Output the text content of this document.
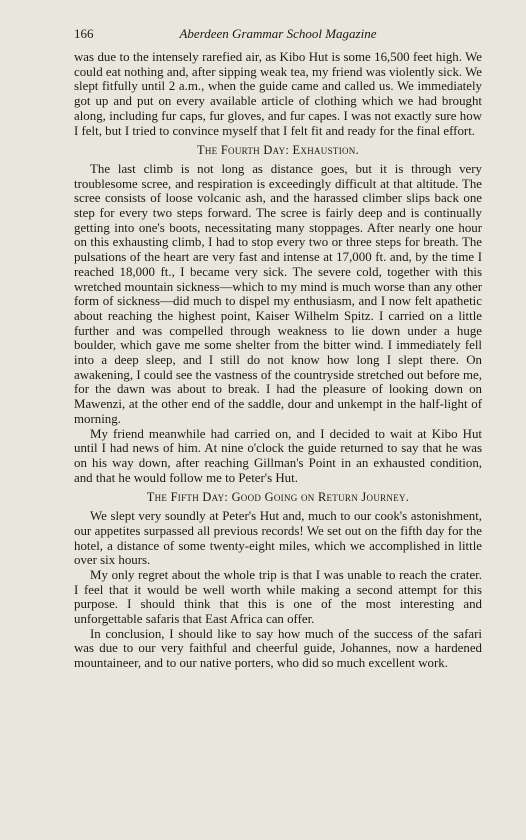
166	Aberdeen Grammar School Magazine

was due to the intensely rarefied air, as Kibo Hut is some 16,500 feet high. We could eat nothing and, after sipping weak tea, my friend was violently sick. We slept fitfully until 2 a.m., when the guide came and called us. We immediately got up and put on every available article of clothing which we had brought along, including fur caps, fur gloves, and fur capes. I was not exactly sure how I felt, but I tried to convince myself that I felt fit and ready for the final effort.

The Fourth Day: Exhaustion.

The last climb is not long as distance goes, but it is through very troublesome scree, and respiration is exceedingly difficult at that altitude. The scree consists of loose volcanic ash, and the harassed climber slips back one step for every two steps forward. The scree is fairly deep and is continually getting into one's boots, necessitating many stoppages. After nearly one hour on this exhausting climb, I had to stop every two or three steps for breath. The pulsations of the heart are very fast and intense at 17,000 ft. and, by the time I reached 18,000 ft., I became very sick. The severe cold, together with this wretched mountain sickness—which to my mind is much worse than any other form of sickness—did much to dispel my enthusiasm, and I now felt apathetic about reaching the highest point, Kaiser Wilhelm Spitz. I carried on a little further and was compelled through weakness to lie down under a huge boulder, which gave me some shelter from the bitter wind. I immediately fell into a deep sleep, and I still do not know how long I slept there. On awakening, I could see the vastness of the countryside stretched out before me, for the dawn was about to break. I had the pleasure of looking down on Mawenzi, at the other end of the saddle, dour and unkempt in the half-light of morning.

My friend meanwhile had carried on, and I decided to wait at Kibo Hut until I had news of him. At nine o'clock the guide returned to say that he was on his way down, after reaching Gillman's Point in an exhausted condition, and that he would follow me to Peter's Hut.

The Fifth Day: Good Going on Return Journey.

We slept very soundly at Peter's Hut and, much to our cook's astonishment, our appetites surpassed all previous records! We set out on the fifth day for the hotel, a distance of some twenty-eight miles, which we accomplished in little over six hours.

My only regret about the whole trip is that I was unable to reach the crater. I feel that it would be well worth while making a second attempt for this purpose. I should think that this is one of the most interesting and unforgettable safaris that East Africa can offer.

In conclusion, I should like to say how much of the success of the safari was due to our very faithful and cheerful guide, Johannes, now a hardened mountaineer, and to our native porters, who did so much excellent work.
